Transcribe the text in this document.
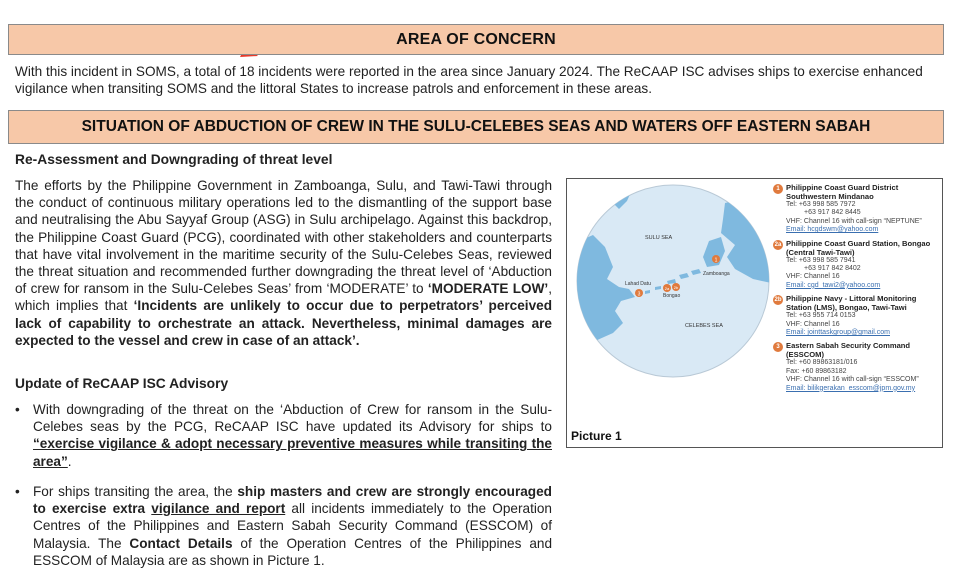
AREA OF CONCERN

With this incident in SOMS, a total of 18 incidents were reported in the area since January 2024. The ReCAAP ISC advises ships to exercise enhanced vigilance when transiting SOMS and the littoral States to increase patrols and enforcement in these areas.

SITUATION OF ABDUCTION OF CREW IN THE SULU-CELEBES SEAS AND WATERS OFF EASTERN SABAH
Re-Assessment and Downgrading of threat level

The efforts by the Philippine Government in Zamboanga, Sulu, and Tawi-Tawi through the conduct of continuous military operations led to the dismantling of the support base and neutralising the Abu Sayyaf Group (ASG) in Sulu archipelago. Against this backdrop, the Philippine Coast Guard (PCG), coordinated with other stakeholders and counterparts that have vital involvement in the maritime security of the Sulu-Celebes Seas, reviewed the threat situation and recommended further downgrading the threat level of ‘Abduction of crew for ransom in the Sulu-Celebes Seas’ from ‘MODERATE’ to ‘MODERATE LOW’, which implies that ‘Incidents are unlikely to occur due to perpetrators’ perceived lack of capability to orchestrate an attack. Nevertheless, minimal damages are expected to the vessel and crew in case of an attack’.

Update of ReCAAP ISC Advisory
• With downgrading of the threat on the ‘Abduction of Crew for ransom in the Sulu-Celebes seas by the PCG, ReCAAP ISC have updated its Advisory for ships to “exercise vigilance & adopt necessary preventive measures while transiting the area”.
• For ships transiting the area, the ship masters and crew are strongly encouraged to exercise extra vigilance and report all incidents immediately to the Operation Centres of the Philippines and Eastern Sabah Security Command (ESSCOM) of Malaysia. The Contact Details of the Operation Centres of the Philippines and ESSCOM of Malaysia are as shown in Picture 1.
1
2a 2b
3
SULU SEA
CELEBES SEA
Zamboanga
Lahad Datu
Bongao
1 Philippine Coast Guard District Southwestern Mindanao
Tel: +63 998 585 7972
+63 917 842 8445
VHF: Channel 16 with call-sign “NEPTUNE”
Email: hcgdswm@yahoo.com
2a Philippine Coast Guard Station, Bongao (Central Tawi-Tawi)
Tel: +63 998 585 7941
+63 917 842 8402
VHF: Channel 16
Email: cgd_tawi2@yahoo.com
2b Philippine Navy - Littoral Monitoring Station (LMS), Bongao, Tawi-Tawi
Tel: +63 955 714 0153
VHF: Channel 16
Email: jointtaskgroup@gmail.com
3 Eastern Sabah Security Command (ESSCOM)
Tel: +60 89863181/016
Fax: +60 89863182
VHF: Channel 16 with call-sign “ESSCOM”
Email: bilikgerakan_esscom@jpm.gov.my
Picture 1
